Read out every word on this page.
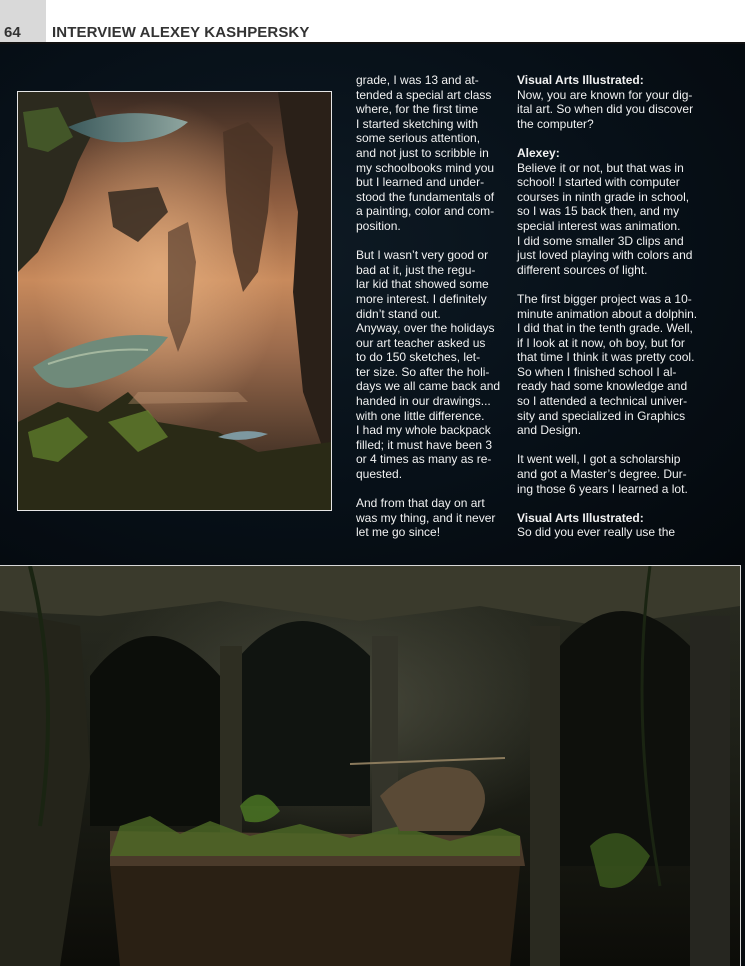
64 INTERVIEW ALEXEY KASHPERSKY

grade, I was 13 and at-
tended a special art class
where, for the first time
I started sketching with
some serious attention,
and not just to scribble in
my schoolbooks mind you
but I learned and under-
stood the fundamentals of
a painting, color and com-
position.

But I wasn’t very good or
bad at it, just the regu-
lar kid that showed some
more interest. I definitely
didn’t stand out.
Anyway, over the holidays
our art teacher asked us
to do 150 sketches, let-
ter size. So after the holi-
days we all came back and
handed in our drawings...
with one little difference.
I had my whole backpack
filled; it must have been 3
or 4 times as many as re-
quested.

And from that day on art
was my thing, and it never
let me go since!

Visual Arts Illustrated:

Now, you are known for your dig-
ital art. So when did you discover
the computer?

Alexey:

Believe it or not, but that was in
school! I started with computer
courses in ninth grade in school,
so I was 15 back then, and my
special interest was animation.
I did some smaller 3D clips and
just loved playing with colors and
different sources of light.

The first bigger project was a 10-
minute animation about a dolphin.
I did that in the tenth grade. Well,
if I look at it now, oh boy, but for
that time I think it was pretty cool.
So when I finished school I al-
ready had some knowledge and
so I attended a technical univer-
sity and specialized in Graphics
and Design.

It went well, I got a scholarship
and got a Master’s degree. Dur-
ing those 6 years I learned a lot.

Visual Arts Illustrated:

So did you ever really use the
